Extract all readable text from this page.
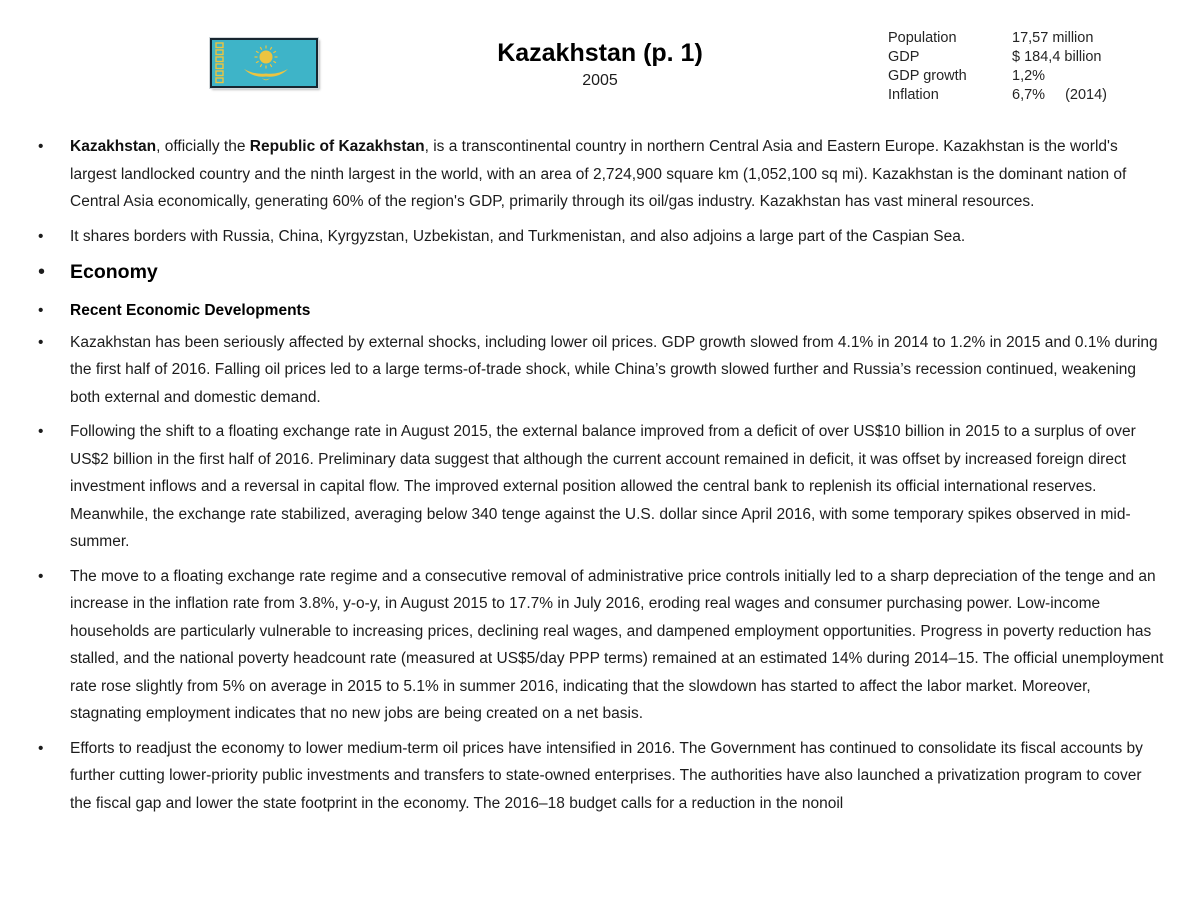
Kazakhstan (p. 1)
2005
Population	17,57 million
GDP	$ 184,4 billion
GDP growth	1,2%
Inflation	6,7% (2014)
•	Kazakhstan, officially the Republic of Kazakhstan, is a transcontinental country in northern Central Asia and Eastern Europe. Kazakhstan is the world's largest landlocked country and the ninth largest in the world, with an area of 2,724,900 square km (1,052,100 sq mi). Kazakhstan is the dominant nation of Central Asia economically, generating 60% of the region's GDP, primarily through its oil/gas industry. Kazakhstan has vast mineral resources.

•	It shares borders with Russia, China, Kyrgyzstan, Uzbekistan, and Turkmenistan, and also adjoins a large part of the Caspian Sea.

•	Economy

•	Recent Economic Developments

•	Kazakhstan has been seriously affected by external shocks, including lower oil prices. GDP growth slowed from 4.1% in 2014 to 1.2% in 2015 and 0.1% during the first half of 2016. Falling oil prices led to a large terms-of-trade shock, while China’s growth slowed further and Russia’s recession continued, weakening both external and domestic demand.

•	Following the shift to a floating exchange rate in August 2015, the external balance improved from a deficit of over US$10 billion in 2015 to a surplus of over US$2 billion in the first half of 2016. Preliminary data suggest that although the current account remained in deficit, it was offset by increased foreign direct investment inflows and a reversal in capital flow. The improved external position allowed the central bank to replenish its official international reserves. Meanwhile, the exchange rate stabilized, averaging below 340 tenge against the U.S. dollar since April 2016, with some temporary spikes observed in mid-summer.

•	The move to a floating exchange rate regime and a consecutive removal of administrative price controls initially led to a sharp depreciation of the tenge and an increase in the inflation rate from 3.8%, y-o-y, in August 2015 to 17.7% in July 2016, eroding real wages and consumer purchasing power. Low-income households are particularly vulnerable to increasing prices, declining real wages, and dampened employment opportunities. Progress in poverty reduction has stalled, and the national poverty headcount rate (measured at US$5/day PPP terms) remained at an estimated 14% during 2014–15. The official unemployment rate rose slightly from 5% on average in 2015 to 5.1% in summer 2016, indicating that the slowdown has started to affect the labor market. Moreover, stagnating employment indicates that no new jobs are being created on a net basis.

•	Efforts to readjust the economy to lower medium-term oil prices have intensified in 2016. The Government has continued to consolidate its fiscal accounts by further cutting lower-priority public investments and transfers to state-owned enterprises. The authorities have also launched a privatization program to cover the fiscal gap and lower the state footprint in the economy. The 2016–18 budget calls for a reduction in the nonoil
